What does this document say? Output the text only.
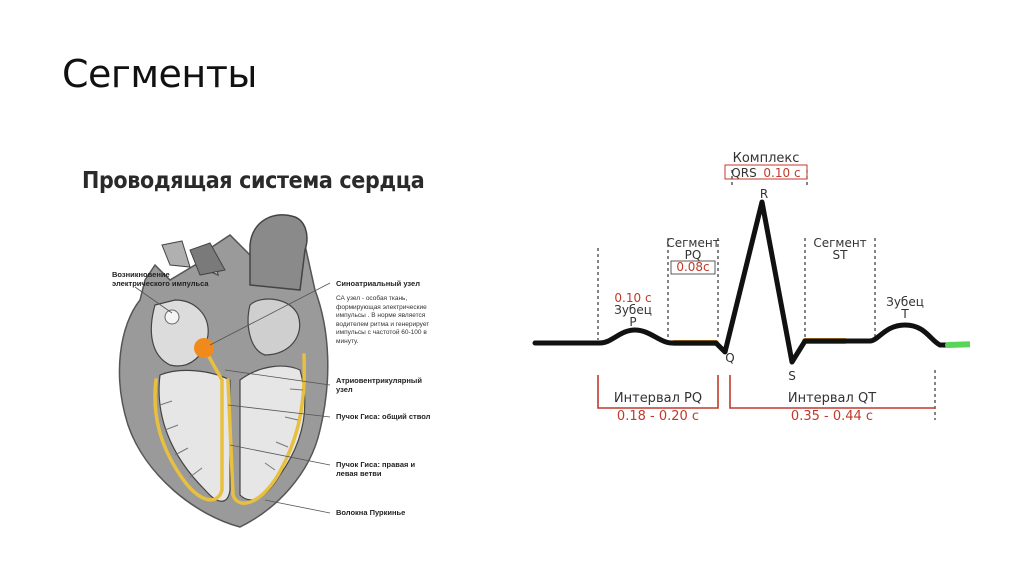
Сегменты
Проводящая система сердца
Возникновение
электрического импульса	Синоатриальный узел
СА узел - особая ткань,
формирующая электрические
импульсы . В норме является
водителем ритма и генерирует
импульсы с частотой 60-100 в
минуту.
Атриовентрикулярный
узел
Пучок Гиса: общий ствол
Пучок Гиса: правая и
левая ветви
Волокна Пуркинье
Комплекс
QRS 0.10 с
R
Q
S
Сегмент
PQ
0.08с
Сегмент
ST
0.10 с
Зубец
P
Зубец
T
Интервал PQ
0.18 - 0.20 с
Интервал QT
0.35 - 0.44 с
